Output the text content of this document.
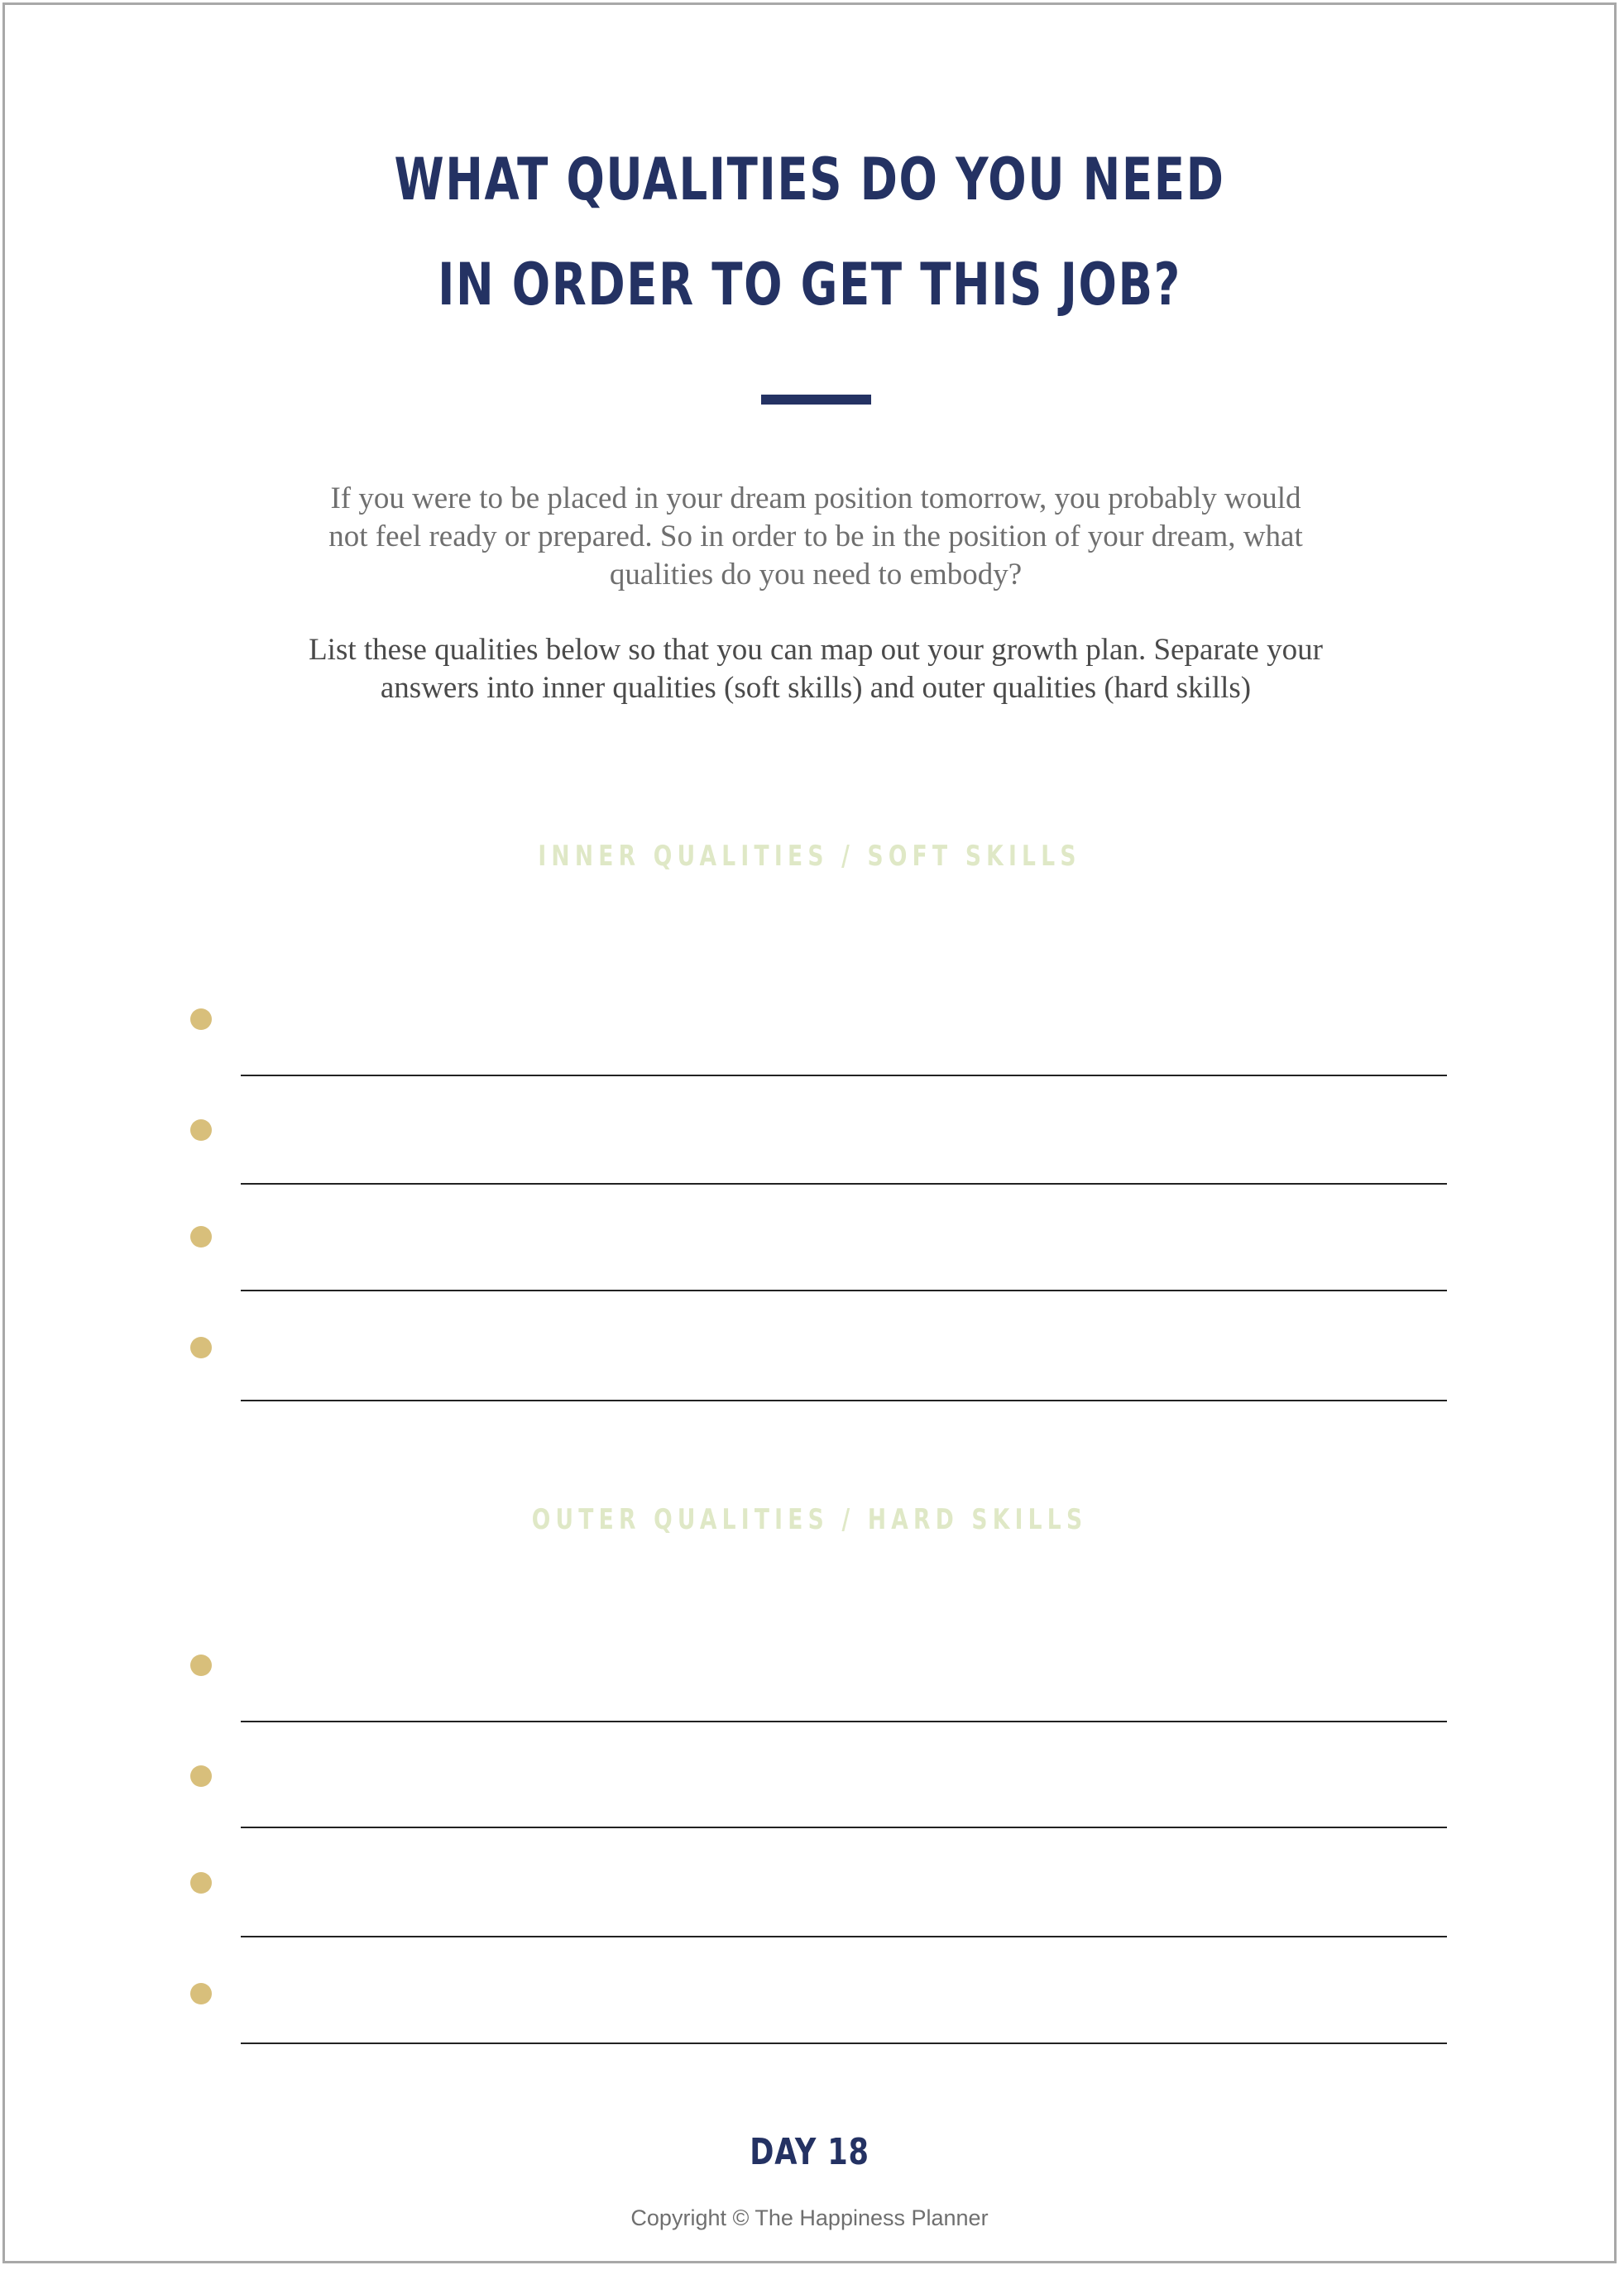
WHAT QUALITIES DO YOU NEED
IN ORDER TO GET THIS JOB?

If you were to be placed in your dream position tomorrow, you probably would not feel ready or prepared. So in order to be in the position of your dream, what qualities do you need to embody?

List these qualities below so that you can map out your growth plan. Separate your answers into inner qualities (soft skills) and outer qualities (hard skills)

INNER QUALITIES / SOFT SKILLS
OUTER QUALITIES / HARD SKILLS
DAY 18
Copyright © The Happiness Planner
